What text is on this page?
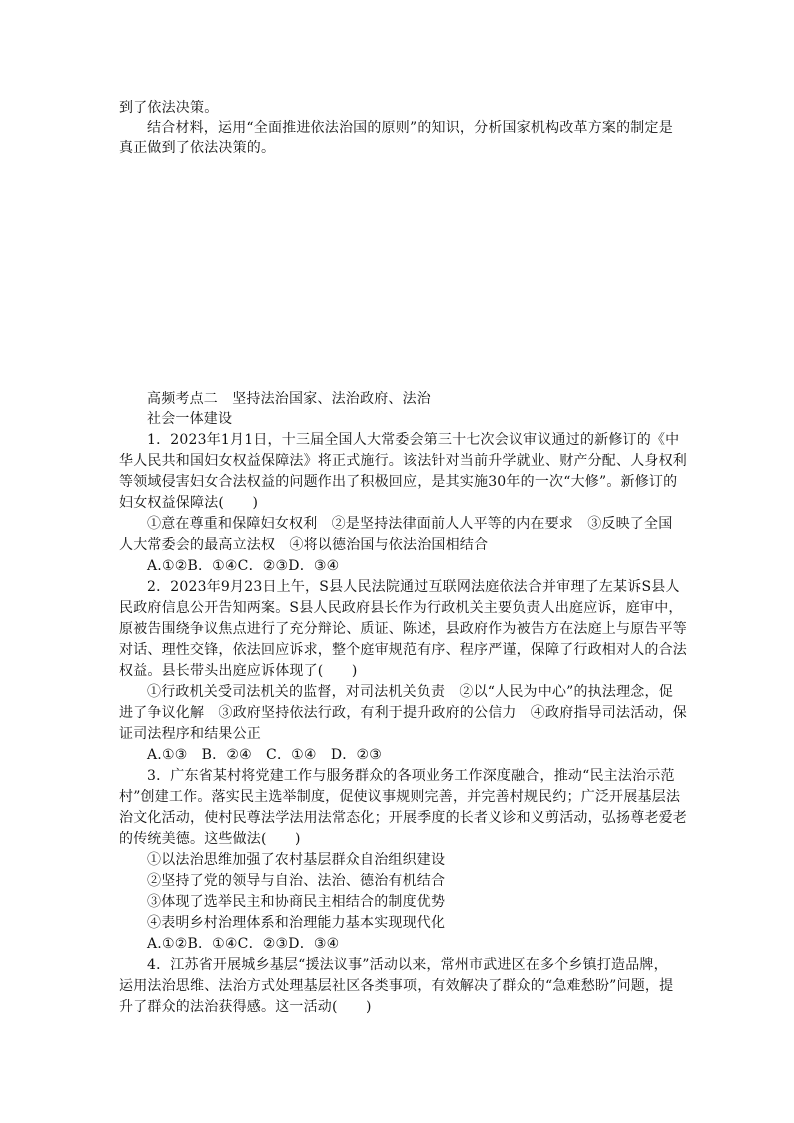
到了依法决策。
结合材料，运用“全面推进依法治国的原则”的知识，分析国家机构改革方案的制定是
真正做到了依法决策的。
高频考点二　坚持法治国家、法治政府、法治
社会一体建设
1．2023年1月1日，十三届全国人大常委会第三十七次会议审议通过的新修订的《中
华人民共和国妇女权益保障法》将正式施行。该法针对当前升学就业、财产分配、人身权利
等领域侵害妇女合法权益的问题作出了积极回应，是其实施30年的一次“大修”。新修订的
妇女权益保障法(　　)
①意在尊重和保障妇女权利　②是坚持法律面前人人平等的内在要求　③反映了全国
人大常委会的最高立法权　④将以德治国与依法治国相结合
A.①②B．①④C．②③D．③④
2．2023年9月23日上午，S县人民法院通过互联网法庭依法合并审理了左某诉S县人
民政府信息公开告知两案。S县人民政府县长作为行政机关主要负责人出庭应诉，庭审中，
原被告围绕争议焦点进行了充分辩论、质证、陈述，县政府作为被告方在法庭上与原告平等
对话、理性交锋，依法回应诉求，整个庭审规范有序、程序严谨，保障了行政相对人的合法
权益。县长带头出庭应诉体现了(　　)
①行政机关受司法机关的监督，对司法机关负责　②以“人民为中心”的执法理念，促
进了争议化解　③政府坚持依法行政，有利于提升政府的公信力　④政府指导司法活动，保
证司法程序和结果公正
A.①③　B．②④　C．①④　D．②③
3．广东省某村将党建工作与服务群众的各项业务工作深度融合，推动“民主法治示范
村”创建工作。落实民主选举制度，促使议事规则完善，并完善村规民约；广泛开展基层法
治文化活动，使村民尊法学法用法常态化；开展季度的长者义诊和义剪活动，弘扬尊老爱老
的传统美德。这些做法(　　)
①以法治思维加强了农村基层群众自治组织建设
②坚持了党的领导与自治、法治、德治有机结合
③体现了选举民主和协商民主相结合的制度优势
④表明乡村治理体系和治理能力基本实现现代化
A.①②B．①④C．②③D．③④
4．江苏省开展城乡基层“援法议事”活动以来，常州市武进区在多个乡镇打造品牌，
运用法治思维、法治方式处理基层社区各类事项，有效解决了群众的“急难愁盼”问题，提
升了群众的法治获得感。这一活动(　　)
